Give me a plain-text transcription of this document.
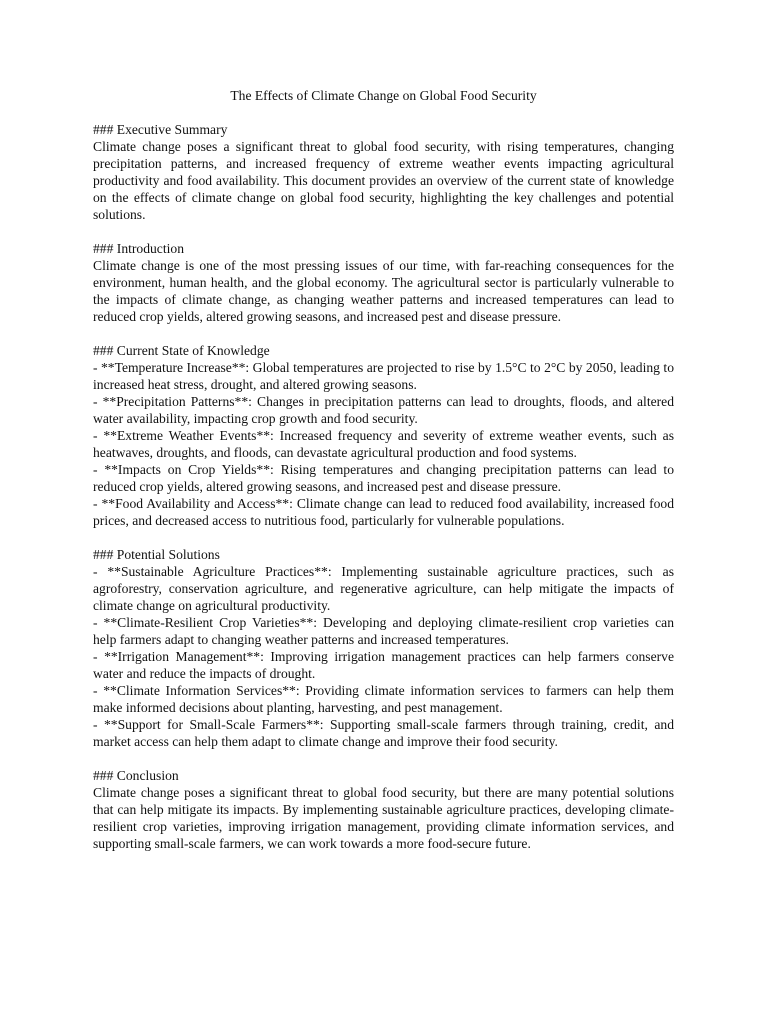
The Effects of Climate Change on Global Food Security
### Executive Summary
Climate change poses a significant threat to global food security, with rising temperatures, changing precipitation patterns, and increased frequency of extreme weather events impacting agricultural productivity and food availability. This document provides an overview of the current state of knowledge on the effects of climate change on global food security, highlighting the key challenges and potential solutions.
### Introduction
Climate change is one of the most pressing issues of our time, with far-reaching consequences for the environment, human health, and the global economy. The agricultural sector is particularly vulnerable to the impacts of climate change, as changing weather patterns and increased temperatures can lead to reduced crop yields, altered growing seasons, and increased pest and disease pressure.
### Current State of Knowledge
- **Temperature Increase**: Global temperatures are projected to rise by 1.5°C to 2°C by 2050, leading to increased heat stress, drought, and altered growing seasons.
- **Precipitation Patterns**: Changes in precipitation patterns can lead to droughts, floods, and altered water availability, impacting crop growth and food security.
- **Extreme Weather Events**: Increased frequency and severity of extreme weather events, such as heatwaves, droughts, and floods, can devastate agricultural production and food systems.
- **Impacts on Crop Yields**: Rising temperatures and changing precipitation patterns can lead to reduced crop yields, altered growing seasons, and increased pest and disease pressure.
- **Food Availability and Access**: Climate change can lead to reduced food availability, increased food prices, and decreased access to nutritious food, particularly for vulnerable populations.
### Potential Solutions
- **Sustainable Agriculture Practices**: Implementing sustainable agriculture practices, such as agroforestry, conservation agriculture, and regenerative agriculture, can help mitigate the impacts of climate change on agricultural productivity.
- **Climate-Resilient Crop Varieties**: Developing and deploying climate-resilient crop varieties can help farmers adapt to changing weather patterns and increased temperatures.
- **Irrigation Management**: Improving irrigation management practices can help farmers conserve water and reduce the impacts of drought.
- **Climate Information Services**: Providing climate information services to farmers can help them make informed decisions about planting, harvesting, and pest management.
- **Support for Small-Scale Farmers**: Supporting small-scale farmers through training, credit, and market access can help them adapt to climate change and improve their food security.
### Conclusion
Climate change poses a significant threat to global food security, but there are many potential solutions that can help mitigate its impacts. By implementing sustainable agriculture practices, developing climate-resilient crop varieties, improving irrigation management, providing climate information services, and supporting small-scale farmers, we can work towards a more food-secure future.
